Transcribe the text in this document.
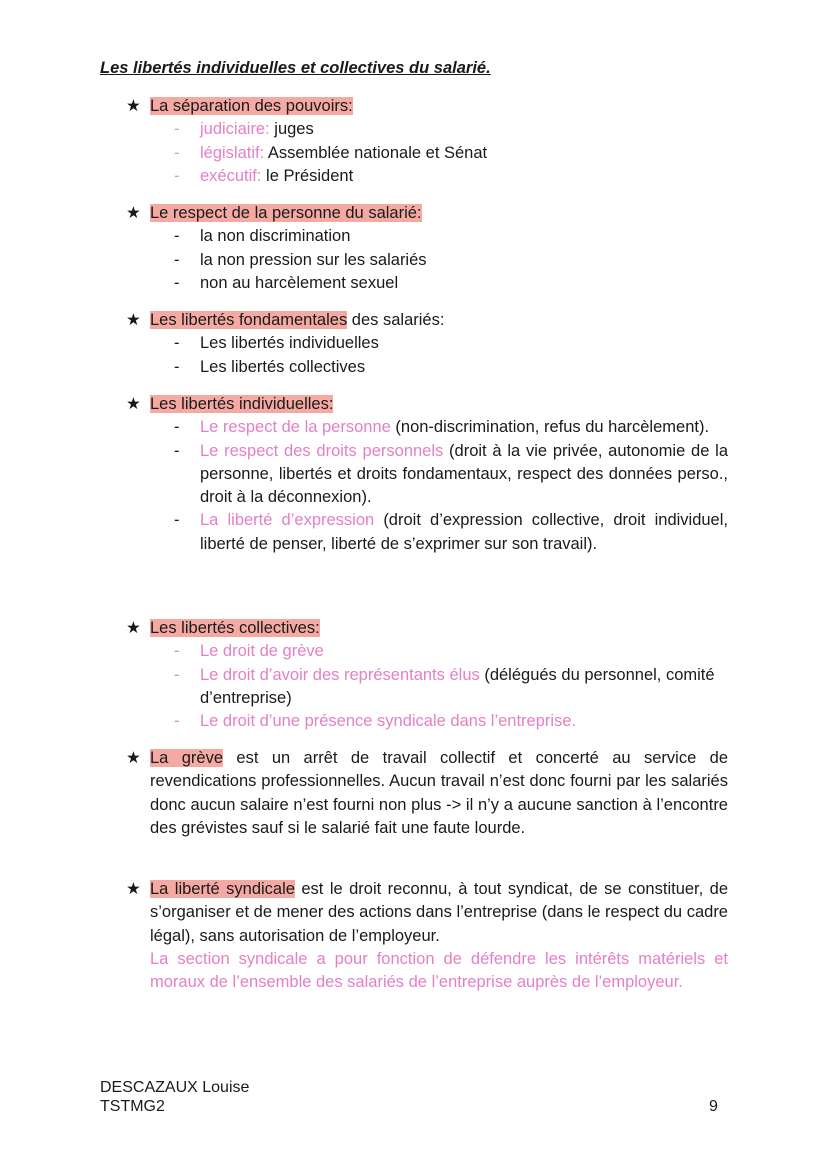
Les libertés individuelles et collectives du salarié.
★ La séparation des pouvoirs:
- judiciaire: juges
- législatif: Assemblée nationale et Sénat
- exécutif: le Président
★ Le respect de la personne du salarié:
- la non discrimination
- la non pression sur les salariés
- non au harcèlement sexuel
★ Les libertés fondamentales des salariés:
- Les libertés individuelles
- Les libertés collectives
★ Les libertés individuelles:
- Le respect de la personne (non-discrimination, refus du harcèlement).
- Le respect des droits personnels (droit à la vie privée, autonomie de la personne, libertés et droits fondamentaux, respect des données perso., droit à la déconnexion).
- La liberté d’expression (droit d’expression collective, droit individuel, liberté de penser, liberté de s’exprimer sur son travail).
★ Les libertés collectives:
- Le droit de grève
- Le droit d’avoir des représentants élus (délégués du personnel, comité d’entreprise)
- Le droit d’une présence syndicale dans l’entreprise.
★ La grève est un arrêt de travail collectif et concerté au service de revendications professionnelles. Aucun travail n’est donc fourni par les salariés donc aucun salaire n’est fourni non plus -> il n’y a aucune sanction à l’encontre des grévistes sauf si le salarié fait une faute lourde.
★ La liberté syndicale est le droit reconnu, à tout syndicat, de se constituer, de s’organiser et de mener des actions dans l’entreprise (dans le respect du cadre légal), sans autorisation de l’employeur.
La section syndicale a pour fonction de défendre les intérêts matériels et moraux de l’ensemble des salariés de l’entreprise auprès de l’employeur.
DESCAZAUX Louise
TSTMG2	9
